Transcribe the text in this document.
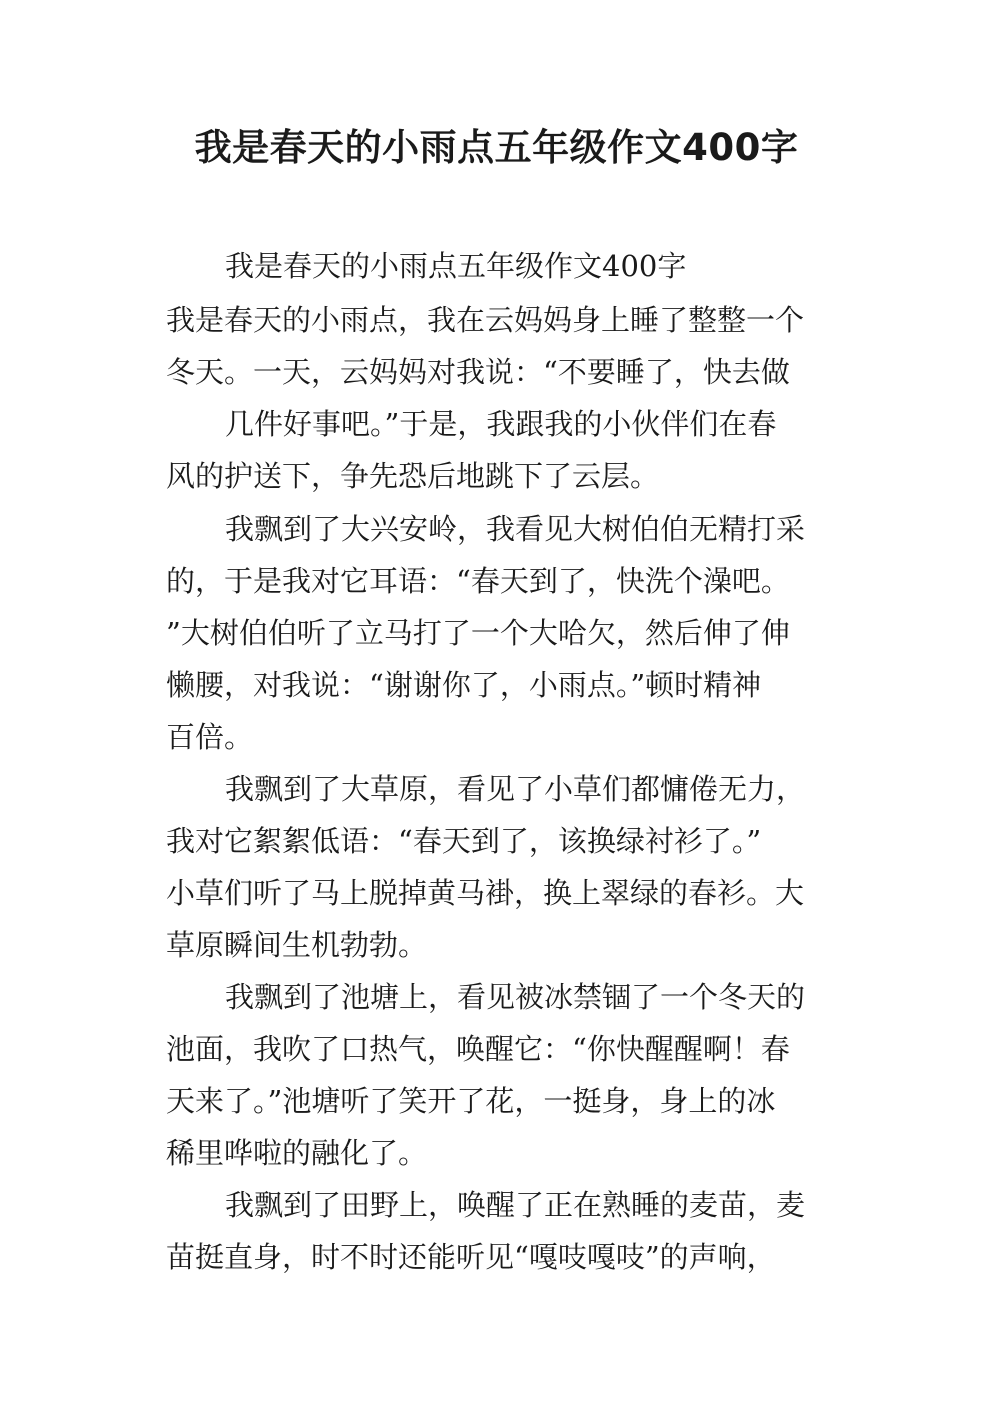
我是春天的小雨点五年级作文400字

我是春天的小雨点五年级作文400字

我是春天的小雨点，我在云妈妈身上睡了整整一个

冬天。一天，云妈妈对我说：“不要睡了，快去做

几件好事吧。”于是，我跟我的小伙伴们在春

风的护送下，争先恐后地跳下了云层。

我飘到了大兴安岭，我看见大树伯伯无精打采

的，于是我对它耳语：“春天到了，快洗个澡吧。

”大树伯伯听了立马打了一个大哈欠，然后伸了伸

懒腰，对我说：“谢谢你了，小雨点。”顿时精神

百倍。

我飘到了大草原，看见了小草们都慵倦无力，

我对它絮絮低语：“春天到了，该换绿衬衫了。”

小草们听了马上脱掉黄马褂，换上翠绿的春衫。大

草原瞬间生机勃勃。

我飘到了池塘上，看见被冰禁锢了一个冬天的

池面，我吹了口热气，唤醒它：“你快醒醒啊！春

天来了。”池塘听了笑开了花，一挺身，身上的冰

稀里哗啦的融化了。

我飘到了田野上，唤醒了正在熟睡的麦苗，麦

苗挺直身，时不时还能听见“嘎吱嘎吱”的声响，
